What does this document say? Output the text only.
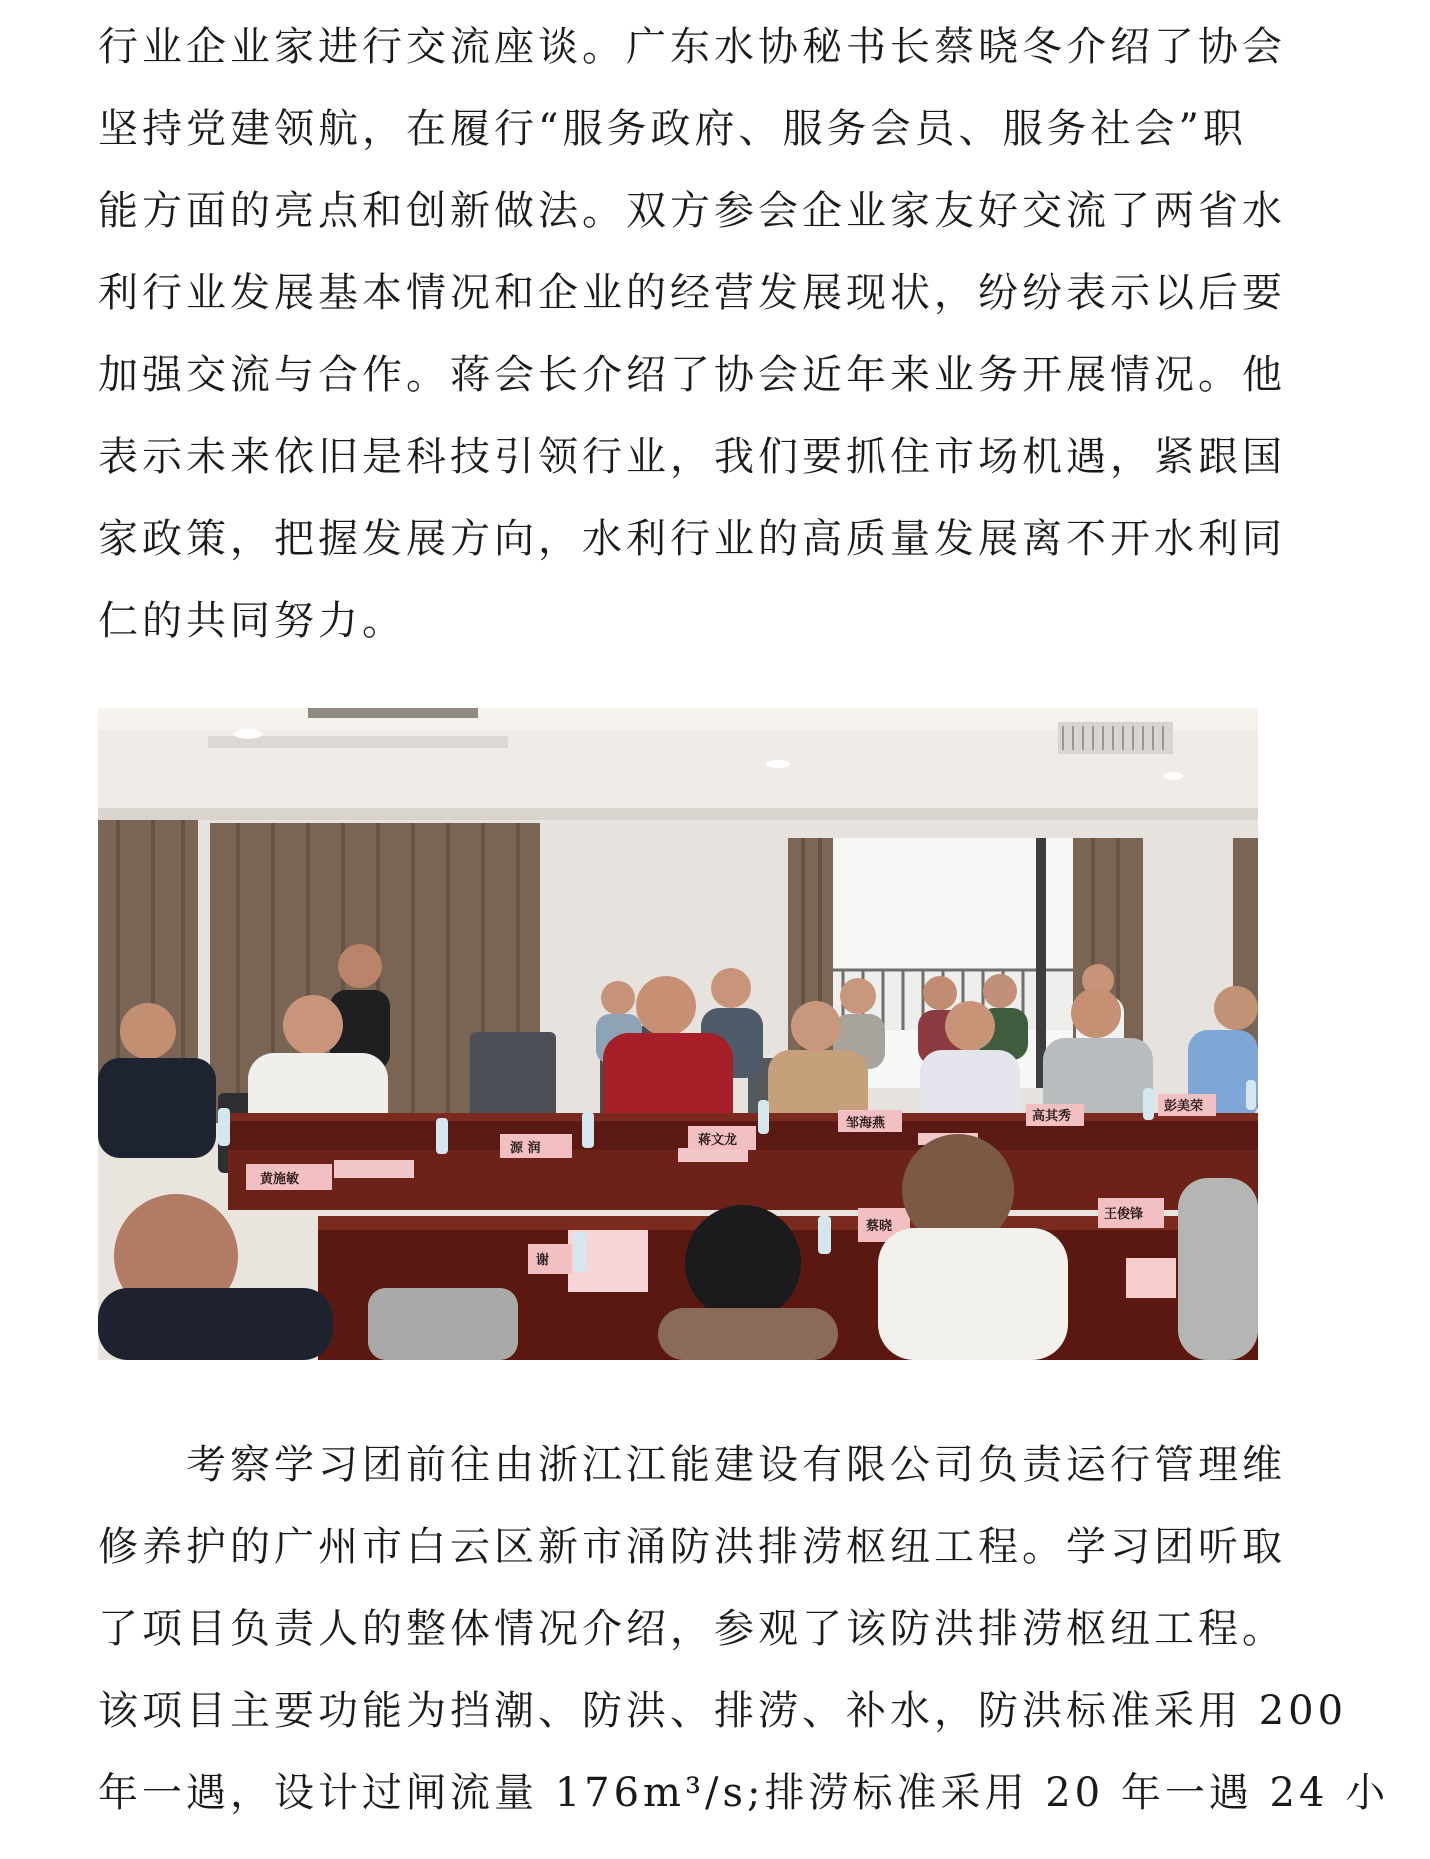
行业企业家进行交流座谈。广东水协秘书长蔡晓冬介绍了协会
坚持党建领航，在履行“服务政府、服务会员、服务社会”职
能方面的亮点和创新做法。双方参会企业家友好交流了两省水
利行业发展基本情况和企业的经营发展现状，纷纷表示以后要
加强交流与合作。蒋会长介绍了协会近年来业务开展情况。他
表示未来依旧是科技引领行业，我们要抓住市场机遇，紧跟国
家政策，把握发展方向，水利行业的高质量发展离不开水利同
仁的共同努力。
黄施敏
源 润
蒋文龙
邹海燕	高其秀
彭美荣
蔡晓
谢
王俊锋
　　考察学习团前往由浙江江能建设有限公司负责运行管理维
修养护的广州市白云区新市涌防洪排涝枢纽工程。学习团听取
了项目负责人的整体情况介绍，参观了该防洪排涝枢纽工程。
该项目主要功能为挡潮、防洪、排涝、补水，防洪标准采用 200
年一遇，设计过闸流量 176m³/s;排涝标准采用 20 年一遇 24 小
